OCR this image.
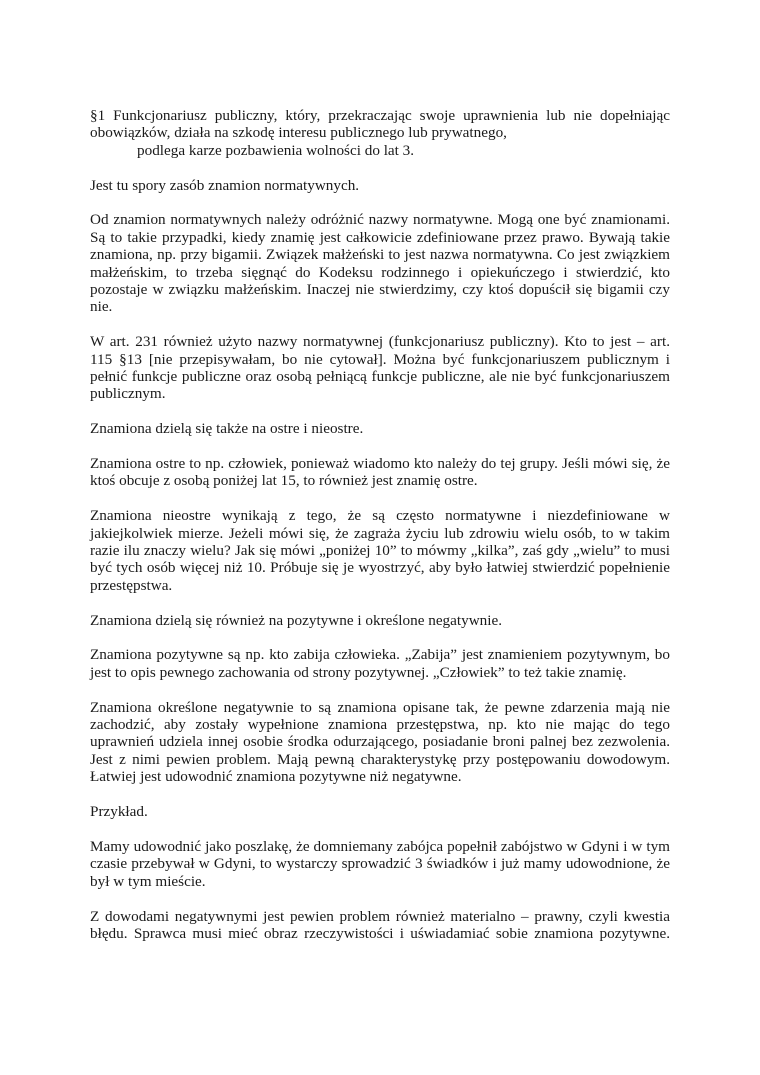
§1 Funkcjonariusz publiczny, który, przekraczając swoje uprawnienia lub nie dopełniając obowiązków, działa na szkodę interesu publicznego lub prywatnego,
podlega karze pozbawienia wolności do lat 3.

Jest tu spory zasób znamion normatywnych.

Od znamion normatywnych należy odróżnić nazwy normatywne. Mogą one być znamionami. Są to takie przypadki, kiedy znamię jest całkowicie zdefiniowane przez prawo. Bywają takie znamiona, np. przy bigamii. Związek małżeński to jest nazwa normatywna. Co jest związkiem małżeńskim, to trzeba sięgnąć do Kodeksu rodzinnego i opiekuńczego i stwierdzić, kto pozostaje w związku małżeńskim. Inaczej nie stwierdzimy, czy ktoś dopuścił się bigamii czy nie.

W art. 231 również użyto nazwy normatywnej (funkcjonariusz publiczny). Kto to jest – art. 115 §13 [nie przepisywałam, bo nie cytował]. Można być funkcjonariuszem publicznym i pełnić funkcje publiczne oraz osobą pełniącą funkcje publiczne, ale nie być funkcjonariuszem publicznym.

Znamiona dzielą się także na ostre i nieostre.

Znamiona ostre to np. człowiek, ponieważ wiadomo kto należy do tej grupy. Jeśli mówi się, że ktoś obcuje z osobą poniżej lat 15, to również jest znamię ostre.

Znamiona nieostre wynikają z tego, że są często normatywne i niezdefiniowane w jakiejkolwiek mierze. Jeżeli mówi się, że zagraża życiu lub zdrowiu wielu osób, to w takim razie ilu znaczy wielu? Jak się mówi „poniżej 10” to mówmy „kilka”, zaś gdy „wielu” to musi być tych osób więcej niż 10. Próbuje się je wyostrzyć, aby było łatwiej stwierdzić popełnienie przestępstwa.

Znamiona dzielą się również na pozytywne i określone negatywnie.

Znamiona pozytywne są np. kto zabija człowieka. „Zabija” jest znamieniem pozytywnym, bo jest to opis pewnego zachowania od strony pozytywnej. „Człowiek” to też takie znamię.

Znamiona określone negatywnie to są znamiona opisane tak, że pewne zdarzenia mają nie zachodzić, aby zostały wypełnione znamiona przestępstwa, np. kto nie mając do tego uprawnień udziela innej osobie środka odurzającego, posiadanie broni palnej bez zezwolenia. Jest z nimi pewien problem. Mają pewną charakterystykę przy postępowaniu dowodowym. Łatwiej jest udowodnić znamiona pozytywne niż negatywne.

Przykład.

Mamy udowodnić jako poszlakę, że domniemany zabójca popełnił zabójstwo w Gdyni i w tym czasie przebywał w Gdyni, to wystarczy sprowadzić 3 świadków i już mamy udowodnione, że był w tym mieście.

Z dowodami negatywnymi jest pewien problem również materialno – prawny, czyli kwestia błędu. Sprawca musi mieć obraz rzeczywistości i uświadamiać sobie znamiona pozytywne.
